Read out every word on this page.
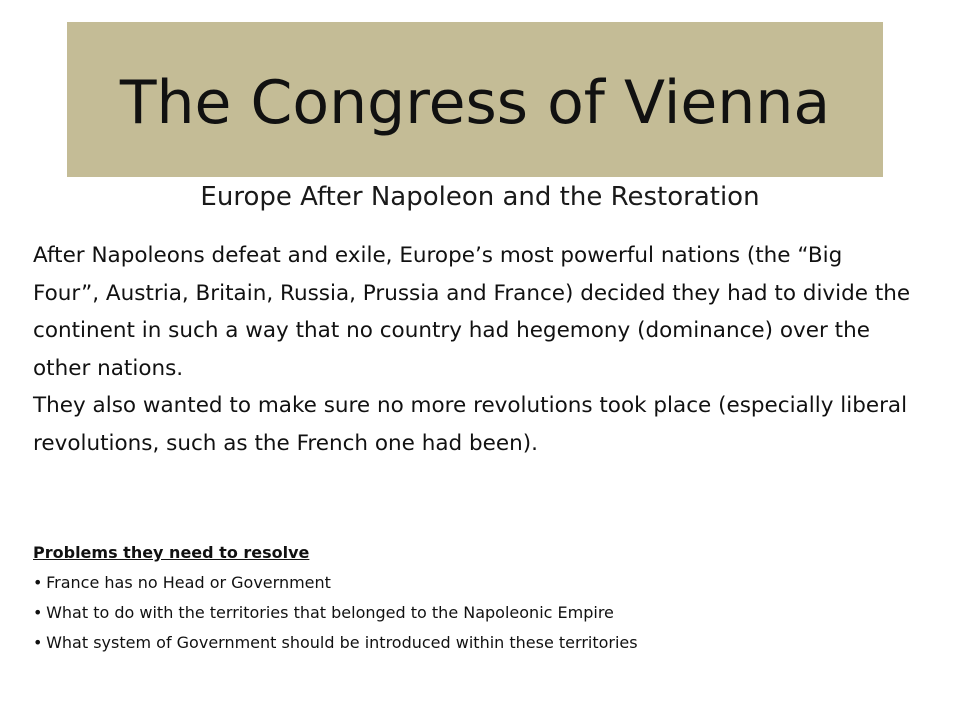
The Congress of Vienna
Europe After Napoleon and the Restoration

After Napoleons defeat and exile, Europe’s most powerful nations (the “Big Four”, Austria, Britain, Russia, Prussia and France) decided they had to divide the continent in such a way that no country had hegemony (dominance) over the other nations.

They also wanted to make sure no more revolutions took place (especially liberal revolutions, such as the French one had been).

Problems they need to resolve
• France has no Head or Government
• What to do with the territories that belonged to the Napoleonic Empire
• What system of Government should be introduced within these territories
